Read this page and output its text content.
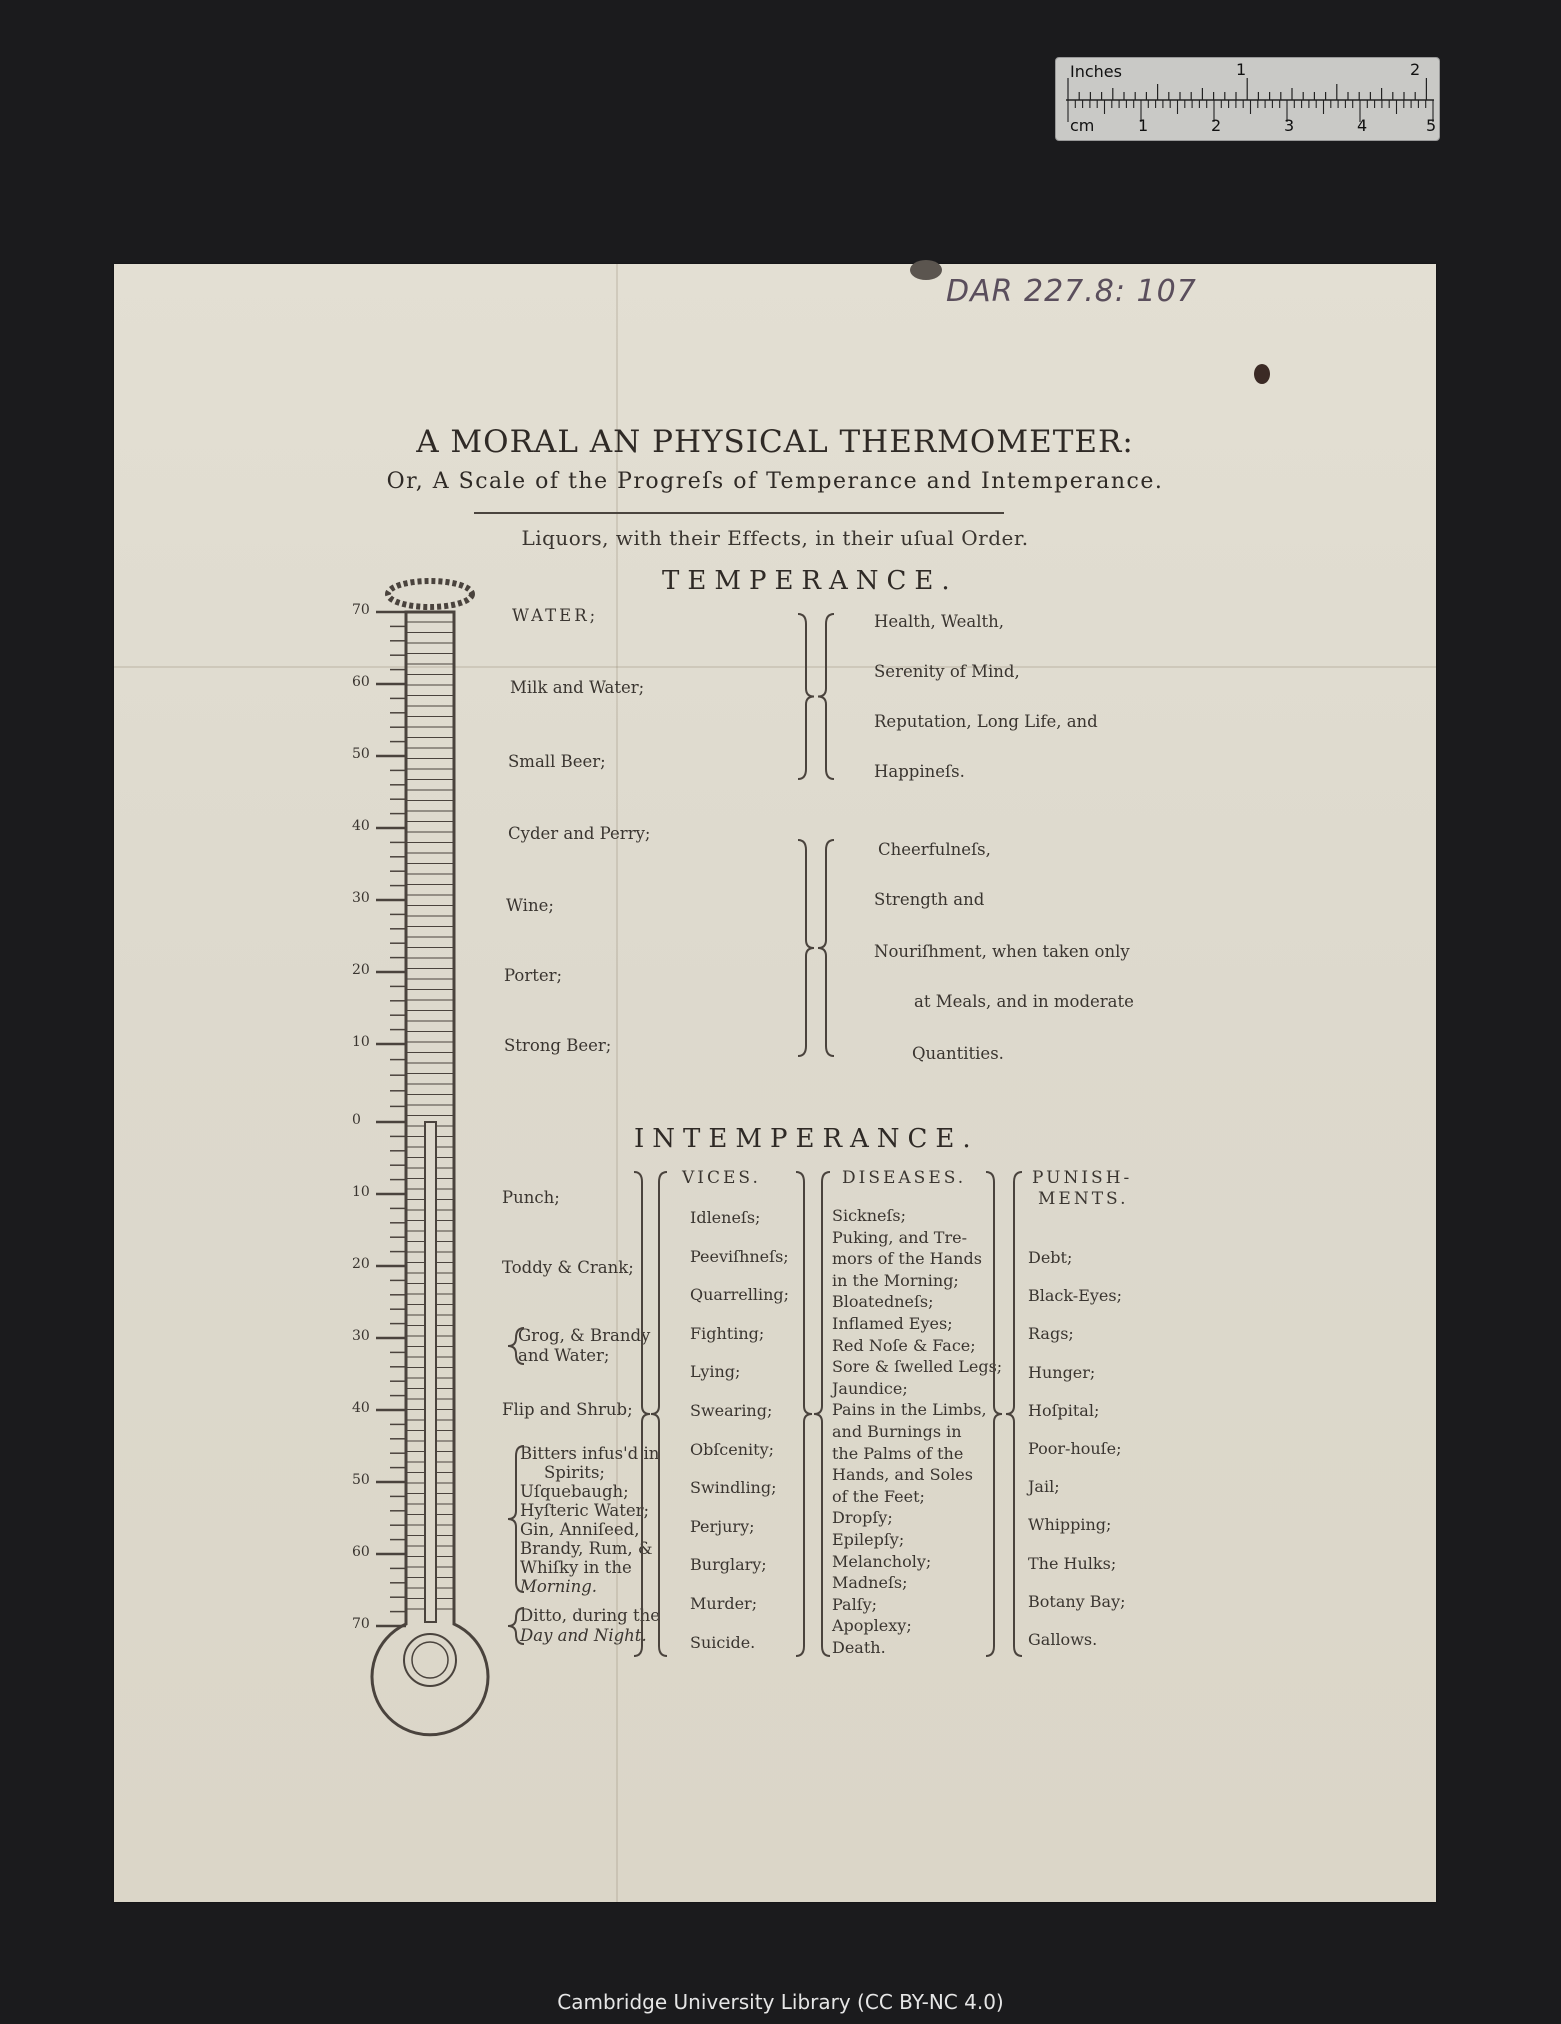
Inches	1	2
cm	1	2	3	4	5
DAR 227.8: 107
A MORAL AN PHYSICAL THERMOMETER:
Or, A Scale of the Progreſs of Temperance and Intemperance.
Liquors, with their Effects, in their uſual Order.
TEMPERANCE.
INTEMPERANCE.
WATER;
Milk and Water;
Small Beer;
Cyder and Perry;
Wine;
Porter;
Strong Beer;
Health, Wealth,
Serenity of Mind,
Reputation, Long Life, and
Happineſs.
Cheerfulneſs,
Strength and
Nouriſhment, when taken only
at Meals, and in moderate
Quantities.
Punch;
Toddy & Crank;
Grog, & Brandy
and Water;
Flip and Shrub;
Bitters infus'd in
Spirits;
Uſquebaugh;
Hyſteric Water;
Gin, Anniſeed,
Brandy, Rum, &
Whiſky in the
Morning.
Ditto, during the
Day and Night.
VICES.	DISEASES.	PUNISH-
MENTS.
Idleneſs;
Peeviſhneſs;
Quarrelling;
Fighting;
Lying;
Swearing;
Obſcenity;
Swindling;
Perjury;
Burglary;
Murder;
Suicide.
Sickneſs;
Puking, and Tre-
mors of the Hands
in the Morning;
Bloatedneſs;
Inflamed Eyes;
Red Noſe & Face;
Sore & ſwelled Legs;
Jaundice;
Pains in the Limbs,
and Burnings in
the Palms of the
Hands, and Soles
of the Feet;
Dropſy;
Epilepſy;
Melancholy;
Madneſs;
Palſy;
Apoplexy;
Death.
Debt;
Black-Eyes;
Rags;
Hunger;
Hoſpital;
Poor-houſe;
Jail;
Whipping;
The Hulks;
Botany Bay;
Gallows.
70
60
50
40
30
20
10
0
10
20
30
40
50
60
70
Cambridge University Library (CC BY-NC 4.0)
